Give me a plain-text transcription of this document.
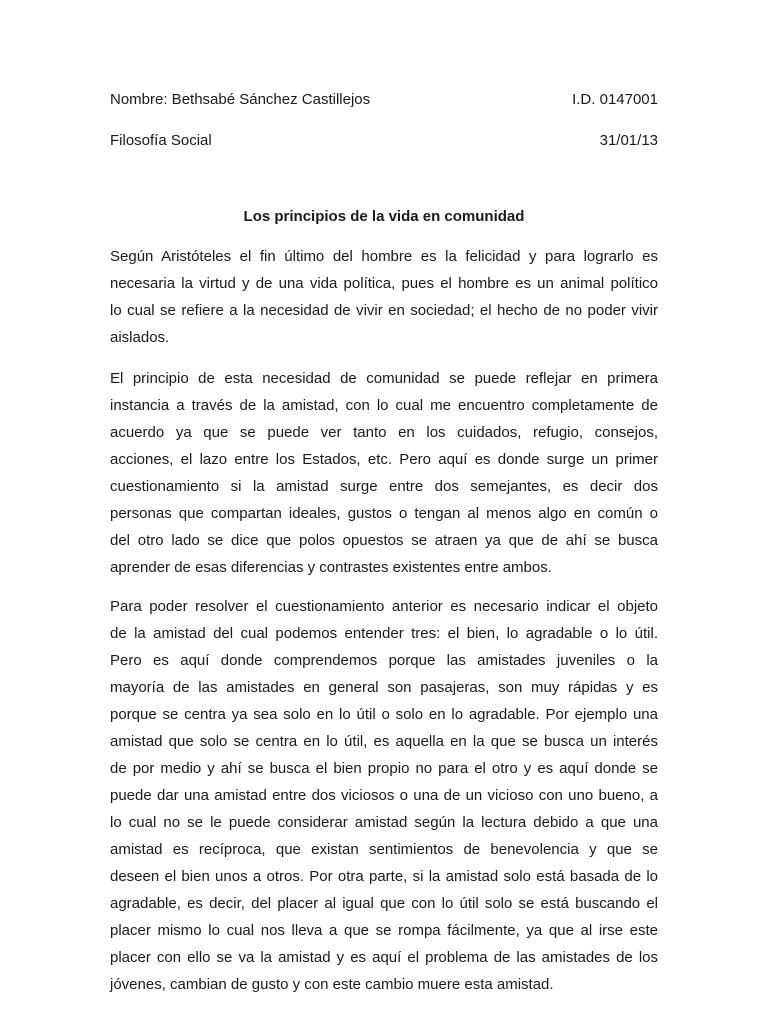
Nombre: Bethsabé Sánchez Castillejos	I.D. 0147001
Filosofía Social	31/01/13
Los principios de la vida en comunidad

Según Aristóteles el fin último del hombre es la felicidad y para lograrlo es
necesaria la virtud y de una vida política, pues el hombre es un animal político
lo cual se refiere a la necesidad de vivir en sociedad; el hecho de no poder vivir
aislados.

El principio de esta necesidad de comunidad se puede reflejar en primera
instancia a través de la amistad, con lo cual me encuentro completamente de
acuerdo ya que se puede ver tanto en los cuidados, refugio, consejos,
acciones, el lazo entre los Estados, etc. Pero aquí es donde surge un primer
cuestionamiento si la amistad surge entre dos semejantes, es decir dos
personas que compartan ideales, gustos o tengan al menos algo en común o
del otro lado se dice que polos opuestos se atraen ya que de ahí se busca
aprender de esas diferencias y contrastes existentes entre ambos.

Para poder resolver el cuestionamiento anterior es necesario indicar el objeto
de la amistad del cual podemos entender tres: el bien, lo agradable o lo útil.
Pero es aquí donde comprendemos porque las amistades juveniles o la
mayoría de las amistades en general son pasajeras, son muy rápidas y es
porque se centra ya sea solo en lo útil o solo en lo agradable. Por ejemplo una
amistad que solo se centra en lo útil, es aquella en la que se busca un interés
de por medio y ahí se busca el bien propio no para el otro y es aquí donde se
puede dar una amistad entre dos viciosos o una de un vicioso con uno bueno, a
lo cual no se le puede considerar amistad según la lectura debido a que una
amistad es recíproca, que existan sentimientos de benevolencia y que se
deseen el bien unos a otros. Por otra parte, si la amistad solo está basada de lo
agradable, es decir, del placer al igual que con lo útil solo se está buscando el
placer mismo lo cual nos lleva a que se rompa fácilmente, ya que al irse este
placer con ello se va la amistad y es aquí el problema de las amistades de los
jóvenes, cambian de gusto y con este cambio muere esta amistad.
